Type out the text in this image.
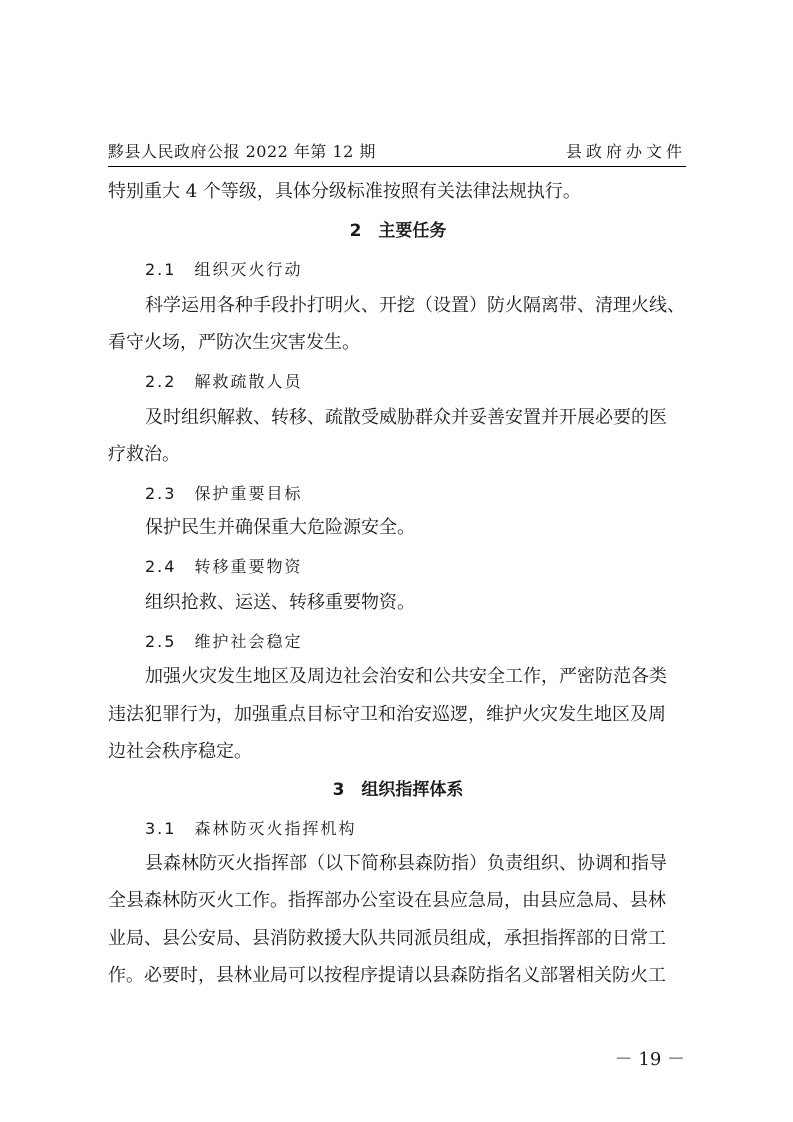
黟县人民政府公报 2022 年第 12 期	县政府办文件
特别重大 4 个等级，具体分级标准按照有关法律法规执行。
2　主要任务
2.1　组织灭火行动
科学运用各种手段扑打明火、开挖（设置）防火隔离带、清理火线、
看守火场，严防次生灾害发生。
2.2　解救疏散人员
及时组织解救、转移、疏散受威胁群众并妥善安置并开展必要的医
疗救治。
2.3　保护重要目标
保护民生并确保重大危险源安全。
2.4　转移重要物资
组织抢救、运送、转移重要物资。
2.5　维护社会稳定
加强火灾发生地区及周边社会治安和公共安全工作，严密防范各类
违法犯罪行为，加强重点目标守卫和治安巡逻，维护火灾发生地区及周
边社会秩序稳定。
3　组织指挥体系
3.1　森林防灭火指挥机构
县森林防灭火指挥部（以下简称县森防指）负责组织、协调和指导
全县森林防灭火工作。指挥部办公室设在县应急局，由县应急局、县林
业局、县公安局、县消防救援大队共同派员组成，承担指挥部的日常工
作。必要时，县林业局可以按程序提请以县森防指名义部署相关防火工
－ 19 －
